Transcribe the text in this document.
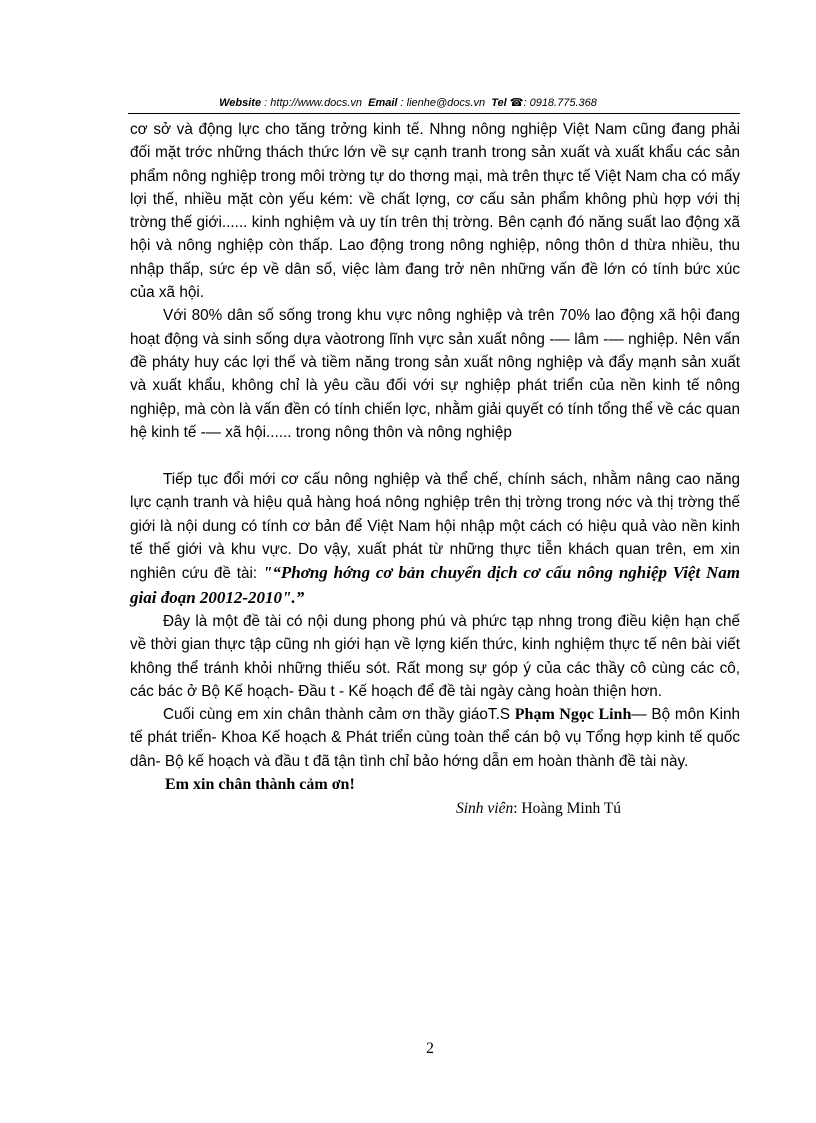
Website : http://www.docs.vn Email : lienhe@docs.vn Tel ☎: 0918.775.368

cơ sở và động lực cho tăng trởng kinh tế. Nhng nông nghiệp Việt Nam cũng đang phải đối mặt trớc những thách thức lớn về sự cạnh tranh trong sản xuất và xuất khẩu các sản phẩm nông nghiệp trong môi trờng tự do thơng mại, mà trên thực tế Việt Nam cha có mấy lợi thế, nhiều mặt còn yếu kém: về chất lợng, cơ cấu sản phẩm không phù hợp với thị trờng thế giới...... kinh nghiệm và uy tín trên thị trờng. Bên cạnh đó năng suất lao động xã hội và nông nghiệp còn thấp. Lao động trong nông nghiệp, nông thôn d thừa nhiều, thu nhập thấp, sức ép về dân số, việc làm đang trở nên những vấn đề lớn có tính bức xúc của xã hội.

Với 80% dân số sống trong khu vực nông nghiệp và trên 70% lao động xã hội đang hoạt động và sinh sống dựa vàotrong lĩnh vực sản xuất nông -— lâm -— nghiệp. Nên vấn đề pháty huy các lợi thế và tiềm năng trong sản xuất nông nghiệp và đẩy mạnh sản xuất và xuất khẩu, không chỉ là yêu cầu đối với sự nghiệp phát triển của nền kinh tế nông nghiệp, mà còn là vấn đền có tính chiến lợc, nhằm giải quyết có tính tổng thể về các quan hệ kinh tế -— xã hội...... trong nông thôn và nông nghiệp

Tiếp tục đổi mới cơ cấu nông nghiệp và thể chế, chính sách, nhằm nâng cao năng lực cạnh tranh và hiệu quả hàng hoá nông nghiệp trên thị trờng trong nớc và thị trờng thế giới là nội dung có tính cơ bản để Việt Nam hội nhập một cách có hiệu quả vào nền kinh tế thế giới và khu vực. Do vậy, xuất phát từ những thực tiễn khách quan trên, em xin nghiên cứu đề tài: "“Phơng hớng cơ bản chuyển dịch cơ cấu nông nghiệp Việt Nam giai đoạn 20012-2010".”

Đây là một đề tài có nội dung phong phú và phức tạp nhng trong điều kiện hạn chế về thời gian thực tập cũng nh giới hạn về lợng kiến thức, kinh nghiệm thực tế nên bài viết không thể tránh khỏi những thiếu sót. Rất mong sự góp ý của các thầy cô cùng các cô, các bác ở Bộ Kế hoạch- Đầu t - Kế hoạch để đề tài ngày càng hoàn thiện hơn.

Cuối cùng em xin chân thành cảm ơn thầy giáoT.S Phạm Ngọc Linh— Bộ môn Kinh tế phát triển- Khoa Kế hoạch & Phát triển cùng toàn thể cán bộ vụ Tổng hợp kinh tế quốc dân- Bộ kế hoạch và đầu t đã tận tình chỉ bảo hớng dẫn em hoàn thành đề tài này.

Em xin chân thành cảm ơn!

Sinh viên: Hoàng Minh Tú

2
